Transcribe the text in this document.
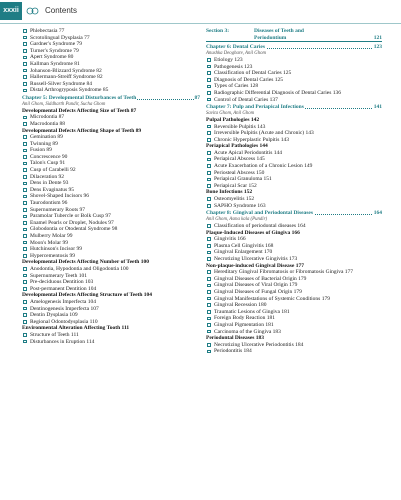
xxxii	Contents
Phlebectasia 77
Scrotolingual Dysplasia 77
Gardner's Syndrome 79
Turner's Syndrome 79
Apert Syndrome 80
Kallman Syndrome 81
Johanson-Blizzard Syndrome 82
Hallermann-Streiff Syndrome 82
Russell-Silver Syndrome 84
Distal Arthrogryposis Syndrome 85
Chapter 5: Developmental Disturbances of Teeth	87
Anil Ghom, Siddharth Pundir, Sucha Ghom
Developmental Defects Affecting Size of Teeth 87
Microdontia 87
Macrodontia 88
Developmental Defects Affecting Shape of Teeth 89
Gemination 89
Twinning 89
Fusion 89
Concrescence 90
Talon's Cusp 91
Cusp of Carabelli 92
Dilaceration 92
Dens in Dente 93
Dens Evaginatus 95
Shovel-Shaped Incisors 96
Taurodontism 96
Supernumerary Roots 97
Paramolar Tubercle or Bolk Cusp 97
Enamel Pearls or Droplet, Nodules 97
Globodontia or Otodental Syndrome 98
Mulberry Molar 99
Moon's Molar 99
Hutchinson's Incisor 99
Hypercementosis 99
Developmental Defects Affecting Number of Teeth 100
Anodontia, Hypodontia and Oligodontia 100
Supernumerary Teeth 101
Pre-deciduous Dentition 103
Post-permanent Dentition 104
Developmental Defects Affecting Structure of Teeth 104
Amelogenesis Imperfecta 104
Dentinogenesis Imperfecta 107
Dentin Dysplasia 109
Regional Odontodysplasia 110
Environmental Alteration Affecting Tooth 111
Structure of Teeth 111
Disturbances in Eruption 114
Section 3:	Diseases of Teeth and
Periodontium	121
Chapter 6: Dental Caries	123
Anushka Deoghare, Anil Ghom
Etiology 123
Pathogenesis 123
Classification of Dental Caries 125
Diagnosis of Dental Caries 125
Types of Caries 128
Radiographic Differential Diagnosis of Dental Caries 136
Control of Dental Caries 137
Chapter 7: Pulp and Periapical Infections	141
Savita Ghom, Anil Ghom
Pulpal Pathologies 142
Reversible Pulpitis 143
Irreversible Pulpitis (Acute and Chronic) 143
Chronic Hyperplastic Pulpitis 143
Periapical Pathologies 144
Acute Apical Periodontitis 144
Periapical Abscess 145
Acute Exacerbation of a Chronic Lesion 149
Periosteal Abscess 150
Periapical Granuloma 151
Periapical Scar 152
Bone Infections 152
Osteomyelitis 152
SAPHO Syndrome 163
Chapter 8: Gingival and Periodontal Diseases	164
Anil Ghom, Asma kala (Pundir)
Classification of periodontal diseases 164
Plaque-Induced Diseases of Gingiva 166
Gingivitis 166
Plasma Cell Gingivitis 168
Gingival Enlargement 170
Necrotizing Ulcerative Gingivitis 173
Non-plaque-induced Gingival Disease 177
Hereditary Gingival Fibromatosis or Fibromatosis Gingiva 177
Gingival Diseases of Bacterial Origin 179
Gingival Diseases of Viral Origin 179
Gingival Diseases of Fungal Origin 179
Gingival Manifestations of Systemic Conditions 179
Gingival Recession 180
Traumatic Lesions of Gingiva 181
Foreign Body Reaction 181
Gingival Pigmentation 181
Carcinoma of the Gingiva 183
Periodontal Diseases 183
Necrotizing Ulcerative Periodontitis 184
Periodontitis 184
